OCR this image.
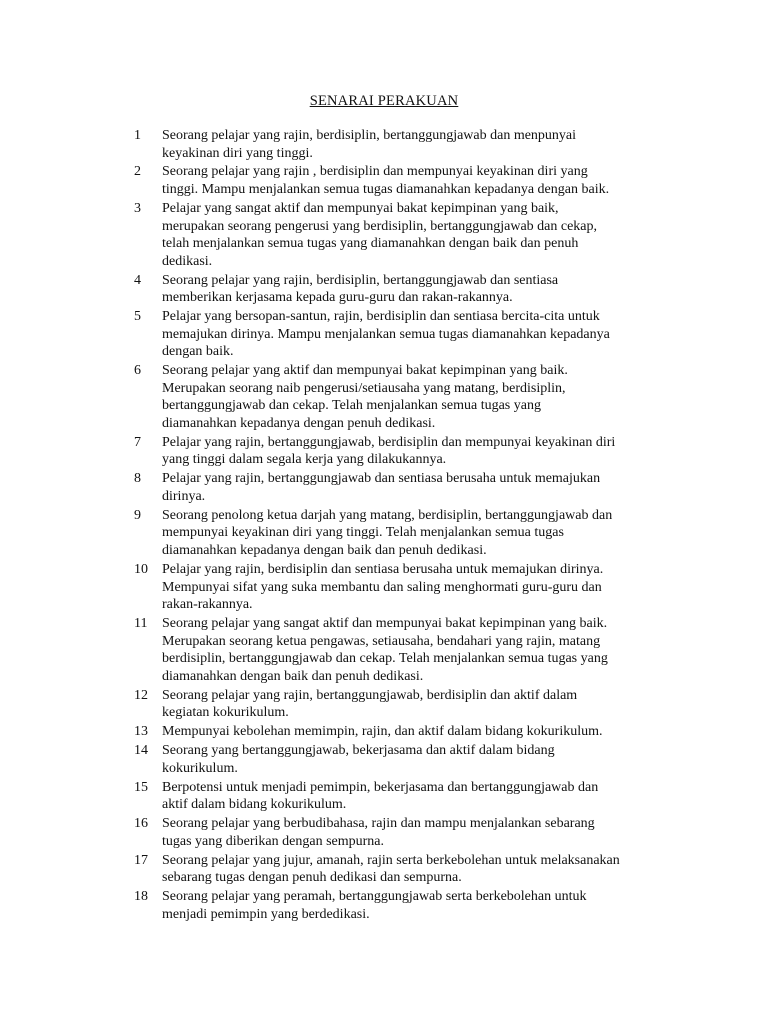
SENARAI PERAKUAN
1	Seorang pelajar yang rajin, berdisiplin, bertanggungjawab dan menpunyai
keyakinan diri yang tinggi.
2	Seorang pelajar yang rajin , berdisiplin dan mempunyai keyakinan diri yang
tinggi. Mampu menjalankan semua tugas diamanahkan kepadanya dengan baik.
3	Pelajar yang sangat aktif dan mempunyai bakat kepimpinan yang baik,
merupakan seorang pengerusi yang berdisiplin, bertanggungjawab dan cekap,
telah menjalankan semua tugas yang diamanahkan dengan baik dan penuh
dedikasi.
4	Seorang pelajar yang rajin, berdisiplin, bertanggungjawab dan sentiasa
memberikan kerjasama kepada guru-guru dan rakan-rakannya.
5	Pelajar yang bersopan-santun, rajin, berdisiplin dan sentiasa bercita-cita untuk
memajukan dirinya. Mampu menjalankan semua tugas diamanahkan kepadanya
dengan baik.
6	Seorang pelajar yang aktif dan mempunyai bakat kepimpinan yang baik.
Merupakan seorang naib pengerusi/setiausaha yang matang, berdisiplin,
bertanggungjawab dan cekap. Telah menjalankan semua tugas yang
diamanahkan kepadanya dengan penuh dedikasi.
7	Pelajar yang rajin, bertanggungjawab, berdisiplin dan mempunyai keyakinan diri
yang tinggi dalam segala kerja yang dilakukannya.
8	Pelajar yang rajin, bertanggungjawab dan sentiasa berusaha untuk memajukan
dirinya.
9	Seorang penolong ketua darjah yang matang, berdisiplin, bertanggungjawab dan
mempunyai keyakinan diri yang tinggi. Telah menjalankan semua tugas
diamanahkan kepadanya dengan baik dan penuh dedikasi.
10	Pelajar yang rajin, berdisiplin dan sentiasa berusaha untuk memajukan dirinya.
Mempunyai sifat yang suka membantu dan saling menghormati guru-guru dan
rakan-rakannya.
11	Seorang pelajar yang sangat aktif dan mempunyai bakat kepimpinan yang baik.
Merupakan seorang ketua pengawas, setiausaha, bendahari yang rajin, matang
berdisiplin, bertanggungjawab dan cekap. Telah menjalankan semua tugas yang
diamanahkan dengan baik dan penuh dedikasi.
12	Seorang pelajar yang rajin, bertanggungjawab, berdisiplin dan aktif dalam
kegiatan kokurikulum.
13	Mempunyai kebolehan memimpin, rajin, dan aktif dalam bidang kokurikulum.
14	Seorang yang bertanggungjawab, bekerjasama dan aktif dalam bidang
kokurikulum.
15	Berpotensi untuk menjadi pemimpin, bekerjasama dan bertanggungjawab dan
aktif dalam bidang kokurikulum.
16	Seorang pelajar yang berbudibahasa, rajin dan mampu menjalankan sebarang
tugas yang diberikan dengan sempurna.
17	Seorang pelajar yang jujur, amanah, rajin serta berkebolehan untuk melaksanakan
sebarang tugas dengan penuh dedikasi dan sempurna.
18	Seorang pelajar yang peramah, bertanggungjawab serta berkebolehan untuk
menjadi pemimpin yang berdedikasi.
